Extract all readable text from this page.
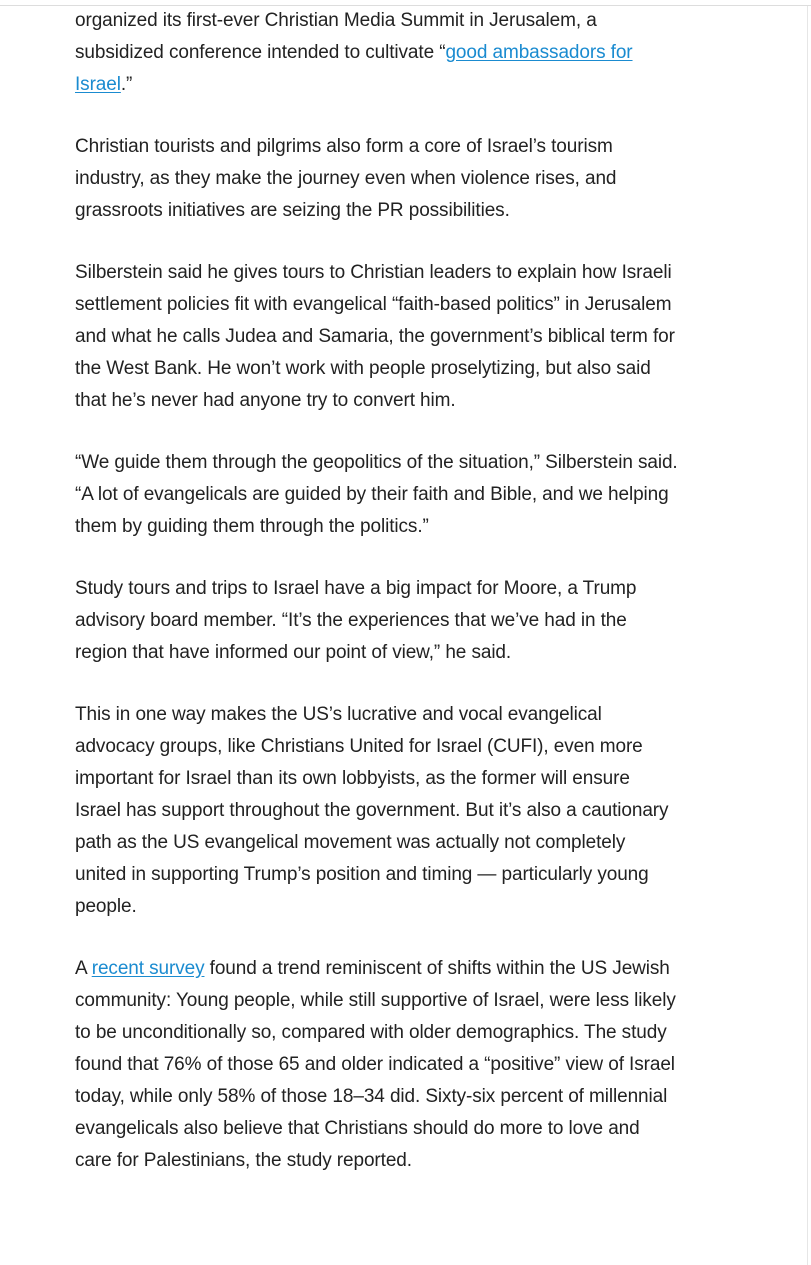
organized its first-ever Christian Media Summit in Jerusalem, a subsidized conference intended to cultivate “good ambassadors for Israel.”

Christian tourists and pilgrims also form a core of Israel’s tourism industry, as they make the journey even when violence rises, and grassroots initiatives are seizing the PR possibilities.

Silberstein said he gives tours to Christian leaders to explain how Israeli settlement policies fit with evangelical “faith-based politics” in Jerusalem and what he calls Judea and Samaria, the government’s biblical term for the West Bank. He won’t work with people proselytizing, but also said that he’s never had anyone try to convert him.

“We guide them through the geopolitics of the situation,” Silberstein said. “A lot of evangelicals are guided by their faith and Bible, and we helping them by guiding them through the politics.”

Study tours and trips to Israel have a big impact for Moore, a Trump advisory board member. “It’s the experiences that we’ve had in the region that have informed our point of view,” he said.

This in one way makes the US’s lucrative and vocal evangelical advocacy groups, like Christians United for Israel (CUFI), even more important for Israel than its own lobbyists, as the former will ensure Israel has support throughout the government. But it’s also a cautionary path as the US evangelical movement was actually not completely united in supporting Trump’s position and timing — particularly young people.

A recent survey found a trend reminiscent of shifts within the US Jewish community: Young people, while still supportive of Israel, were less likely to be unconditionally so, compared with older demographics. The study found that 76% of those 65 and older indicated a “positive” view of Israel today, while only 58% of those 18–34 did. Sixty-six percent of millennial evangelicals also believe that Christians should do more to love and care for Palestinians, the study reported.
